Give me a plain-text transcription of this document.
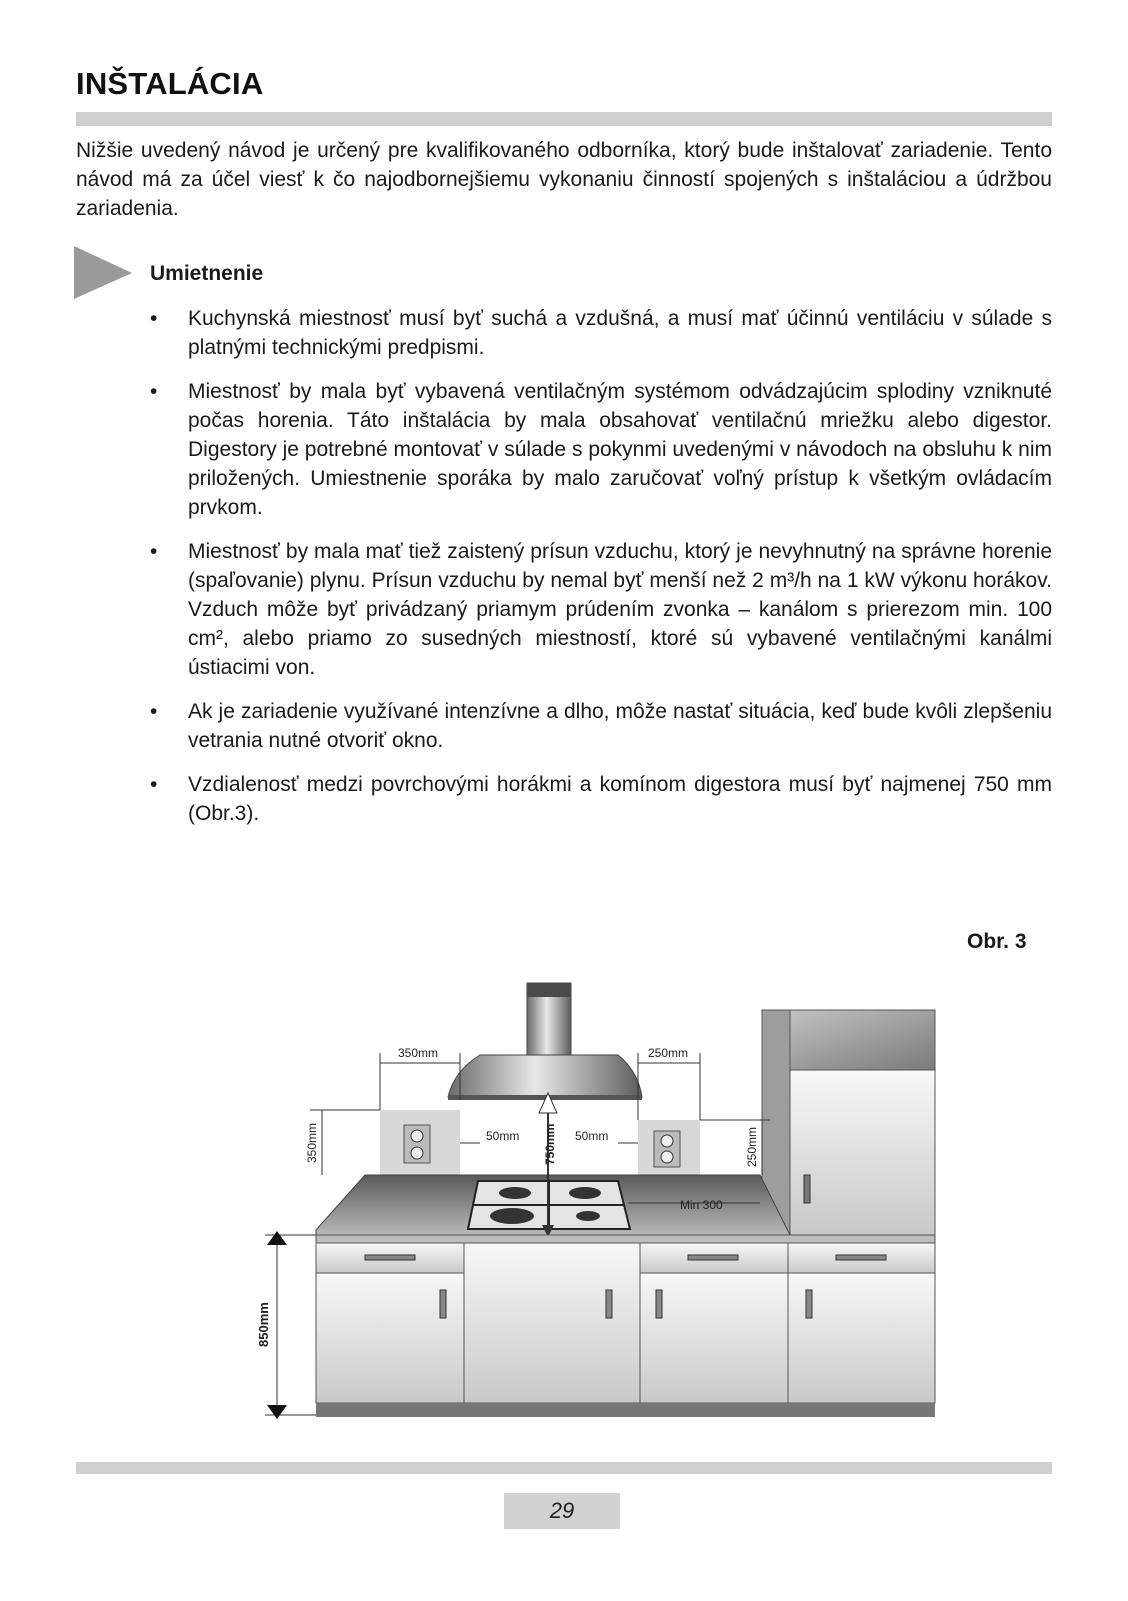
INŠTALÁCIA

Nižšie uvedený návod je určený pre kvalifikovaného odborníka, ktorý bude inštalovať zariadenie. Tento návod má za účel viesť k čo najodbornejšiemu vykonaniu činností spojených s inštaláciou a údržbou zariadenia.

Umietnenie
•	Kuchynská miestnosť musí byť suchá a vzdušná, a musí mať účinnú ventiláciu v súlade s platnými technickými predpismi.
•	Miestnosť by mala byť vybavená ventilačným systémom odvádzajúcim splodiny vzniknuté počas horenia. Táto inštalácia by mala obsahovať ventilačnú mriežku alebo digestor. Digestory je potrebné montovať v súlade s pokynmi uvedenými v návodoch na obsluhu k nim priložených. Umiestnenie sporáka by malo zaručovať voľný prístup k všetkým ovládacím prvkom.
•	Miestnosť by mala mať tiež zaistený prísun vzduchu, ktorý je nevyhnutný na správne horenie (spaľovanie) plynu. Prísun vzduchu by nemal byť menší než 2 m³/h na 1 kW výkonu horákov. Vzduch môže byť privádzaný priamym prúdením zvonka – kanálom s prierezom min. 100 cm², alebo priamo zo susedných miestností, ktoré sú vybavené ventilačnými kanálmi ústiacimi von.
•	Ak je zariadenie využívané intenzívne a dlho, môže nastať situácia, keď bude kvôli zlepšeniu vetrania nutné otvoriť okno.
•	Vzdialenosť medzi povrchovými horákmi a komínom digestora musí byť najmenej 750 mm (Obr.3).
Obr. 3
350mm	250mm
50mm	50mm
Min 300
350mm	250mm
750mm
850mm
29
